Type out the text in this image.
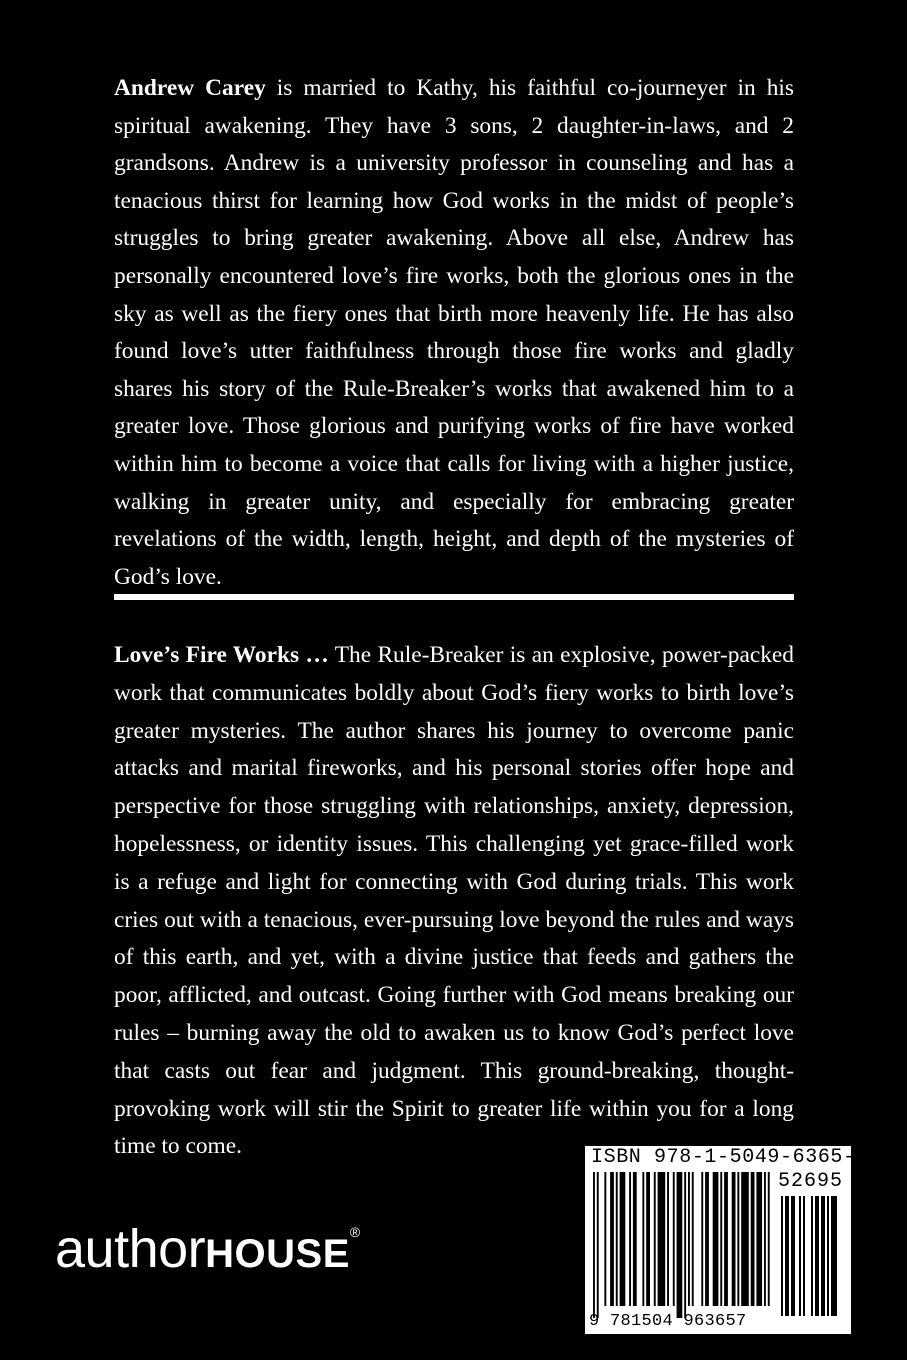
Andrew Carey is married to Kathy, his faithful co-journeyer in his spiritual awakening. They have 3 sons, 2 daughter-in-laws, and 2 grandsons. Andrew is a university professor in counseling and has a tenacious thirst for learning how God works in the midst of people’s struggles to bring greater awakening. Above all else, Andrew has personally encountered love’s fire works, both the glorious ones in the sky as well as the fiery ones that birth more heavenly life. He has also found love’s utter faithfulness through those fire works and gladly shares his story of the Rule-Breaker’s works that awakened him to a greater love. Those glorious and purifying works of fire have worked within him to become a voice that calls for living with a higher justice, walking in greater unity, and especially for embracing greater revelations of the width, length, height, and depth of the mysteries of God’s love.
Love’s Fire Works … The Rule-Breaker is an explosive, power-packed work that communicates boldly about God’s fiery works to birth love’s greater mysteries. The author shares his journey to overcome panic attacks and marital fireworks, and his personal stories offer hope and perspective for those struggling with relationships, anxiety, depression, hopelessness, or identity issues. This challenging yet grace-filled work is a refuge and light for connecting with God during trials. This work cries out with a tenacious, ever-pursuing love beyond the rules and ways of this earth, and yet, with a divine justice that feeds and gathers the poor, afflicted, and outcast. Going further with God means breaking our rules – burning away the old to awaken us to know God’s perfect love that casts out fear and judgment. This ground-breaking, thought-provoking work will stir the Spirit to greater life within you for a long time to come.
authorHOUSE®
ISBN 978-1-5049-6365-7
52695
9 781504 963657
